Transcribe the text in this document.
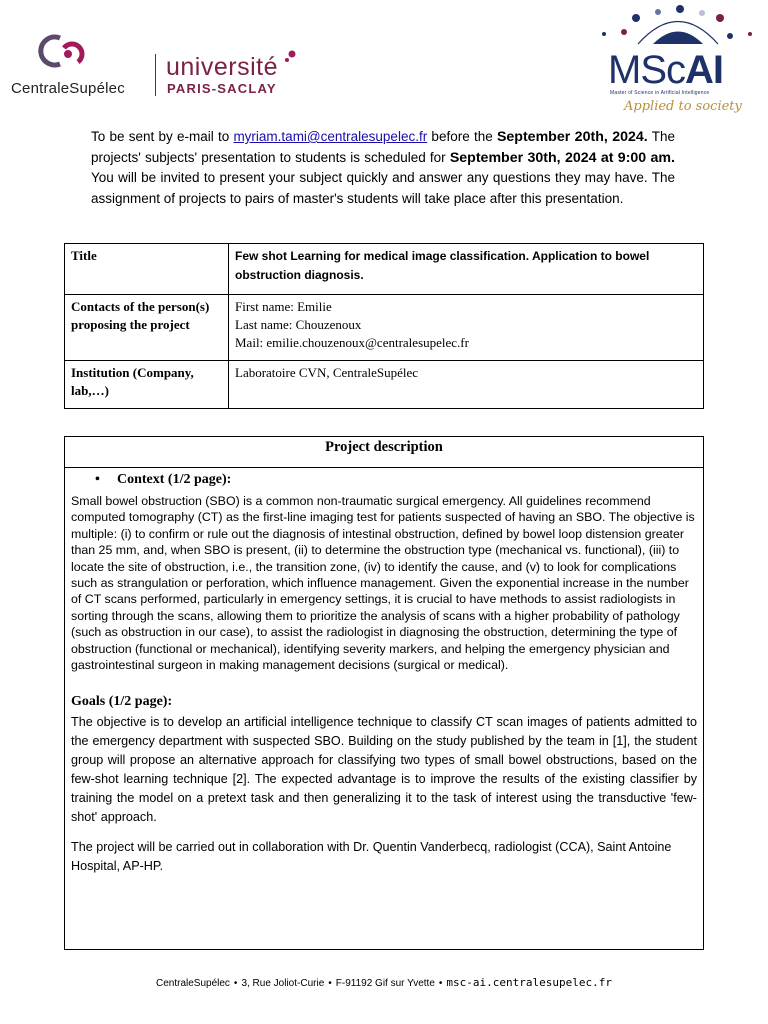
CentraleSupélec
université
PARIS-SACLAY	MScAI
Master of Science in Artificial Intelligence
Applied to society
To be sent by e-mail to myriam.tami@centralesupelec.fr before the September 20th, 2024. The projects' subjects' presentation to students is scheduled for September 30th, 2024 at 9:00 am. You will be invited to present your subject quickly and answer any questions they may have. The assignment of projects to pairs of master's students will take place after this presentation.
Title	Few shot Learning for medical image classification. Application to bowel obstruction diagnosis.
Contacts of the person(s) proposing the project	First name: Emilie
Last name: Chouzenoux
Mail: emilie.chouzenoux@centralesupelec.fr

Institution (Company, lab,…)	Laboratoire CVN, CentraleSupélec
Project description
• Context (1/2 page):
Small bowel obstruction (SBO) is a common non-traumatic surgical emergency. All guidelines recommend computed tomography (CT) as the first-line imaging test for patients suspected of having an SBO. The objective is multiple: (i) to confirm or rule out the diagnosis of intestinal obstruction, defined by bowel loop distension greater than 25 mm, and, when SBO is present, (ii) to determine the obstruction type (mechanical vs. functional), (iii) to locate the site of obstruction, i.e., the transition zone, (iv) to identify the cause, and (v) to look for complications such as strangulation or perforation, which influence management. Given the exponential increase in the number of CT scans performed, particularly in emergency settings, it is crucial to have methods to assist radiologists in sorting through the scans, allowing them to prioritize the analysis of scans with a higher probability of pathology (such as obstruction in our case), to assist the radiologist in diagnosing the obstruction, determining the type of obstruction (functional or mechanical), identifying severity markers, and helping the emergency physician and gastrointestinal surgeon in making management decisions (surgical or medical).
Goals (1/2 page):
The objective is to develop an artificial intelligence technique to classify CT scan images of patients admitted to the emergency department with suspected SBO. Building on the study published by the team in [1], the student group will propose an alternative approach for classifying two types of small bowel obstructions, based on the few-shot learning technique [2]. The expected advantage is to improve the results of the existing classifier by training the model on a pretext task and then generalizing it to the task of interest using the transductive 'few-shot' approach.
The project will be carried out in collaboration with Dr. Quentin Vanderbecq, radiologist (CCA), Saint Antoine Hospital, AP-HP.
CentraleSupélec • 3, Rue Joliot-Curie • F-91192 Gif sur Yvette • msc-ai.centralesupelec.fr
